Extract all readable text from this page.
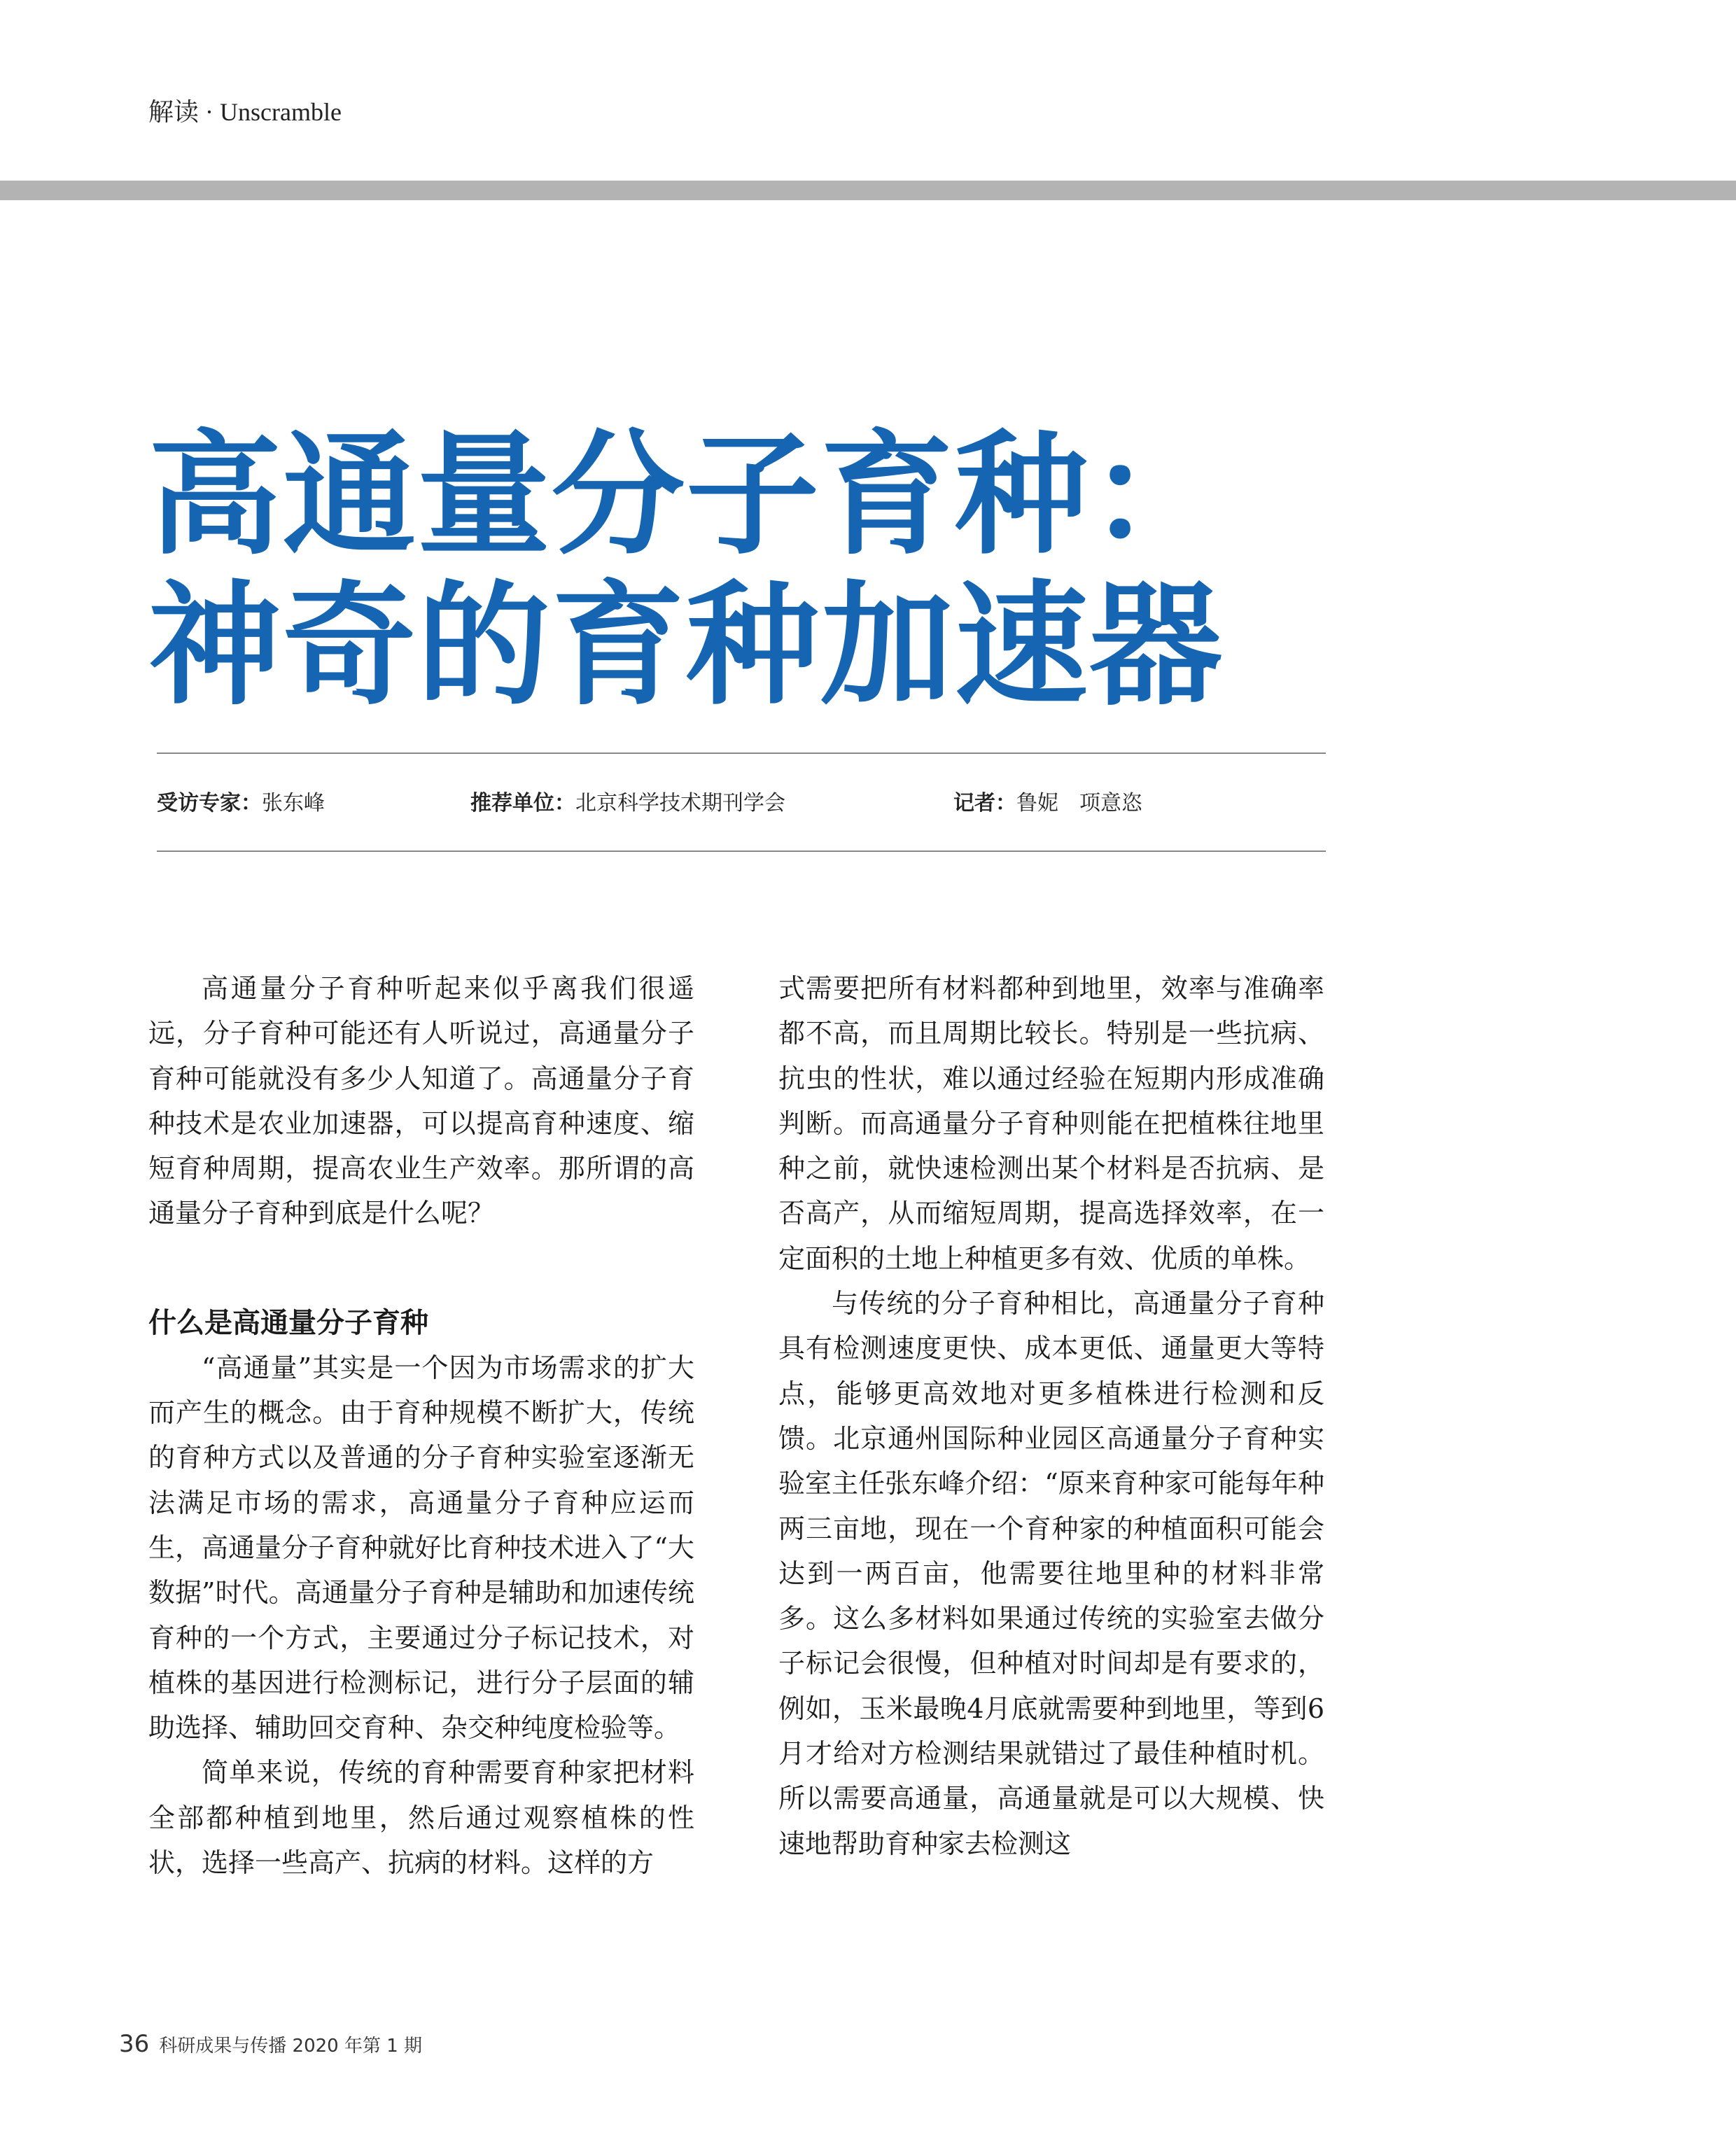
解读 · Unscramble
高通量分子育种：
神奇的育种加速器
受访专家：张东峰	推荐单位：北京科学技术期刊学会	记者：鲁妮　项意恣

高通量分子育种听起来似乎离我们很遥远，分子育种可能还有人听说过，高通量分子育种可能就没有多少人知道了。高通量分子育种技术是农业加速器，可以提高育种速度、缩短育种周期，提高农业生产效率。那所谓的高通量分子育种到底是什么呢？

什么是高通量分子育种

“高通量”其实是一个因为市场需求的扩大而产生的概念。由于育种规模不断扩大，传统的育种方式以及普通的分子育种实验室逐渐无法满足市场的需求，高通量分子育种应运而生，高通量分子育种就好比育种技术进入了“大数据”时代。高通量分子育种是辅助和加速传统育种的一个方式，主要通过分子标记技术，对植株的基因进行检测标记，进行分子层面的辅助选择、辅助回交育种、杂交种纯度检验等。

简单来说，传统的育种需要育种家把材料全部都种植到地里，然后通过观察植株的性状，选择一些高产、抗病的材料。这样的方

式需要把所有材料都种到地里，效率与准确率都不高，而且周期比较长。特别是一些抗病、抗虫的性状，难以通过经验在短期内形成准确判断。而高通量分子育种则能在把植株往地里种之前，就快速检测出某个材料是否抗病、是否高产，从而缩短周期，提高选择效率，在一定面积的土地上种植更多有效、优质的单株。

与传统的分子育种相比，高通量分子育种具有检测速度更快、成本更低、通量更大等特点，能够更高效地对更多植株进行检测和反馈。北京通州国际种业园区高通量分子育种实验室主任张东峰介绍：“原来育种家可能每年种两三亩地，现在一个育种家的种植面积可能会达到一两百亩，他需要往地里种的材料非常多。这么多材料如果通过传统的实验室去做分子标记会很慢，但种植对时间却是有要求的，例如，玉米最晚4月底就需要种到地里，等到6月才给对方检测结果就错过了最佳种植时机。所以需要高通量，高通量就是可以大规模、快速地帮助育种家去检测这

36 科研成果与传播 2020 年第 1 期
